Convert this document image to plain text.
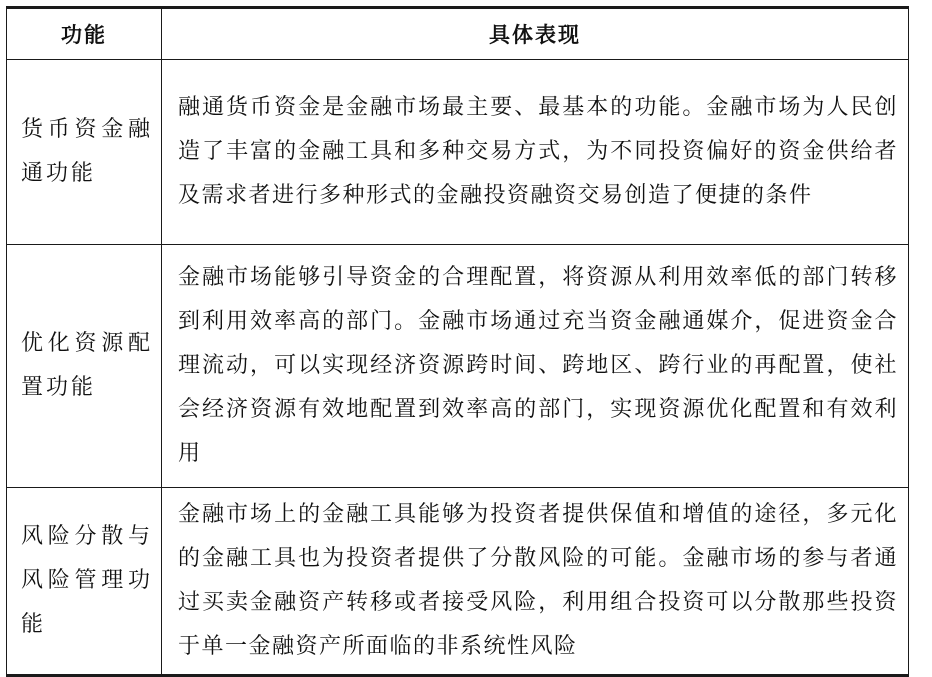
功能	具体表现
货币资金融通功能	融通货币资金是金融市场最主要、最基本的功能。金融市场为人民创造了丰富的金融工具和多种交易方式，为不同投资偏好的资金供给者及需求者进行多种形式的金融投资融资交易创造了便捷的条件
优化资源配置功能	金融市场能够引导资金的合理配置，将资源从利用效率低的部门转移到利用效率高的部门。金融市场通过充当资金融通媒介，促进资金合理流动，可以实现经济资源跨时间、跨地区、跨行业的再配置，使社会经济资源有效地配置到效率高的部门，实现资源优化配置和有效利用
风险分散与风险管理功能	金融市场上的金融工具能够为投资者提供保值和增值的途径，多元化的金融工具也为投资者提供了分散风险的可能。金融市场的参与者通过买卖金融资产转移或者接受风险，利用组合投资可以分散那些投资于单一金融资产所面临的非系统性风险
